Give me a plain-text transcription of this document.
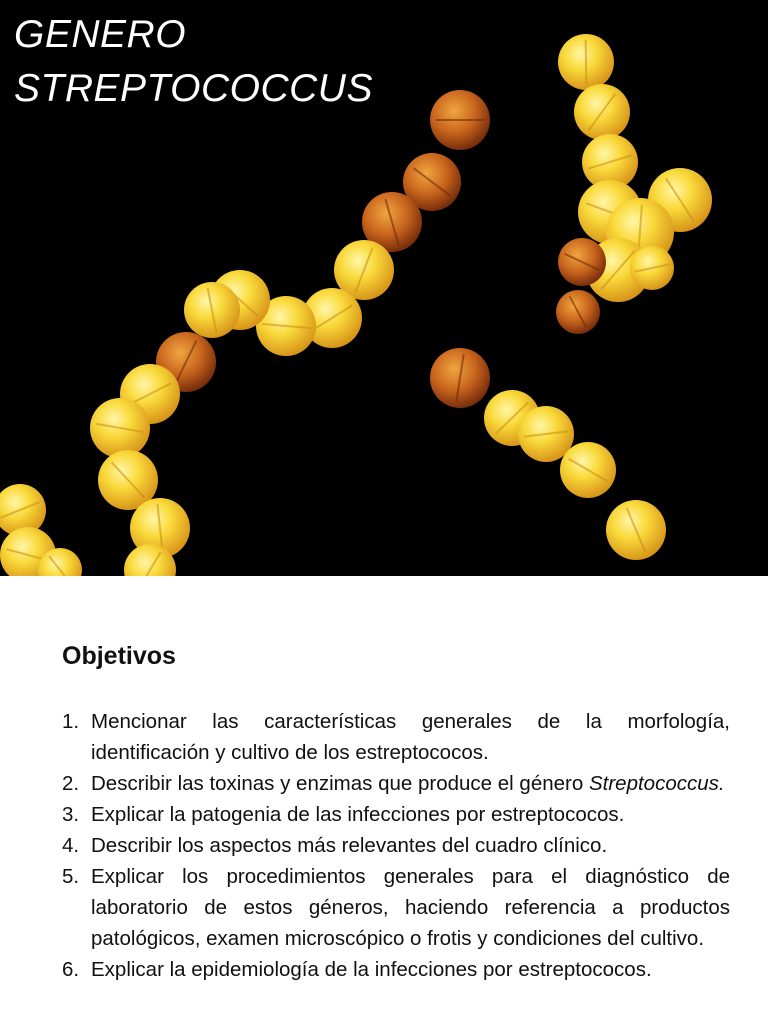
GENERO
STREPTOCOCCUS
Objetivos
1. Mencionar las características generales de la morfología, identificación y cultivo de los estreptococos.
2. Describir las toxinas y enzimas que produce el género Streptococcus.
3. Explicar la patogenia de las infecciones por estreptococos.
4. Describir los aspectos más relevantes del cuadro clínico.
5. Explicar los procedimientos generales para el diagnóstico de laboratorio de estos géneros, haciendo referencia a productos patológicos, examen microscópico o frotis y condiciones del cultivo.
6. Explicar la epidemiología de la infecciones por estreptococos.
